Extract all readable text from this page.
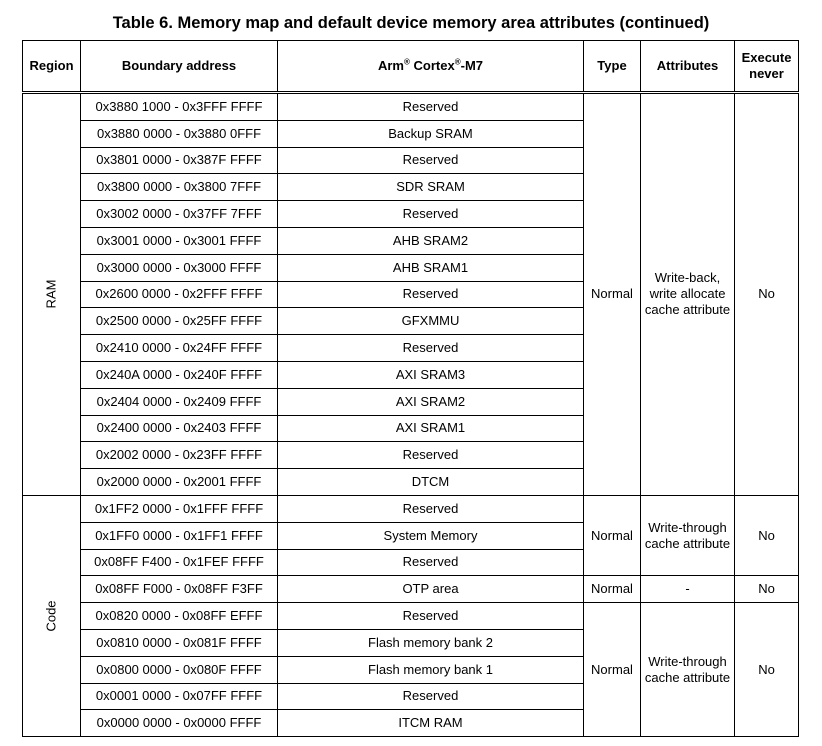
Table 6. Memory map and default device memory area attributes (continued)
Region	Boundary address	Arm® Cortex®-M7	Type	Attributes	Execute never
RAM	0x3880 1000 - 0x3FFF FFFF	Reserved	Normal	Write-back, write allocate cache attribute	No
	0x3880 0000 - 0x3880 0FFF	Backup SRAM			
	0x3801 0000 - 0x387F FFFF	Reserved			
	0x3800 0000 - 0x3800 7FFF	SDR SRAM			
	0x3002 0000 - 0x37FF 7FFF	Reserved			
	0x3001 0000 - 0x3001 FFFF	AHB SRAM2			
	0x3000 0000 - 0x3000 FFFF	AHB SRAM1			
	0x2600 0000 - 0x2FFF FFFF	Reserved			
	0x2500 0000 - 0x25FF FFFF	GFXMMU			
	0x2410 0000 - 0x24FF FFFF	Reserved			
	0x240A 0000 - 0x240F FFFF	AXI SRAM3			
	0x2404 0000 - 0x2409 FFFF	AXI SRAM2			
	0x2400 0000 - 0x2403 FFFF	AXI SRAM1			
	0x2002 0000 - 0x23FF FFFF	Reserved			
	0x2000 0000 - 0x2001 FFFF	DTCM			
Code	0x1FF2 0000 - 0x1FFF FFFF	Reserved	Normal	Write-through cache attribute	No
	0x1FF0 0000 - 0x1FF1 FFFF	System Memory			
	0x08FF F400 - 0x1FEF FFFF	Reserved			
	0x08FF F000 - 0x08FF F3FF	OTP area	Normal	-	No
	0x0820 0000 - 0x08FF EFFF	Reserved	Normal	Write-through cache attribute	No
	0x0810 0000 - 0x081F FFFF	Flash memory bank 2			
	0x0800 0000 - 0x080F FFFF	Flash memory bank 1			
	0x0001 0000 - 0x07FF FFFF	Reserved			
	0x0000 0000 - 0x0000 FFFF	ITCM RAM			
